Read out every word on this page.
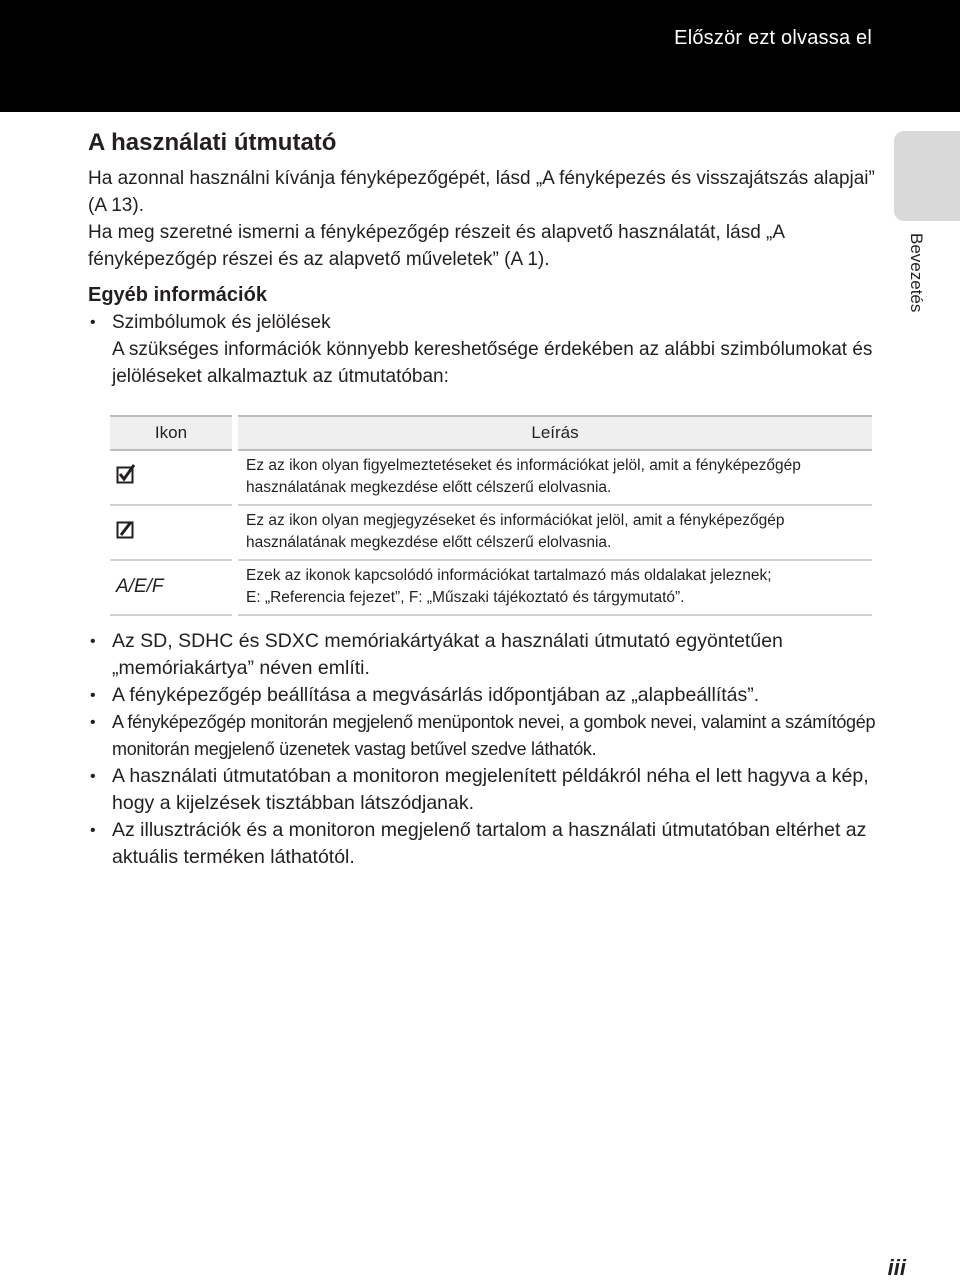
Először ezt olvassa el
Bevezetés
A használati útmutató

Ha azonnal használni kívánja fényképezőgépét, lásd „A fényképezés és visszajátszás alapjai” (A 13).

Ha meg szeretné ismerni a fényképezőgép részeit és alapvető használatát, lásd „A fényképezőgép részei és az alapvető műveletek” (A 1).

Egyéb információk
• Szimbólumok és jelölések
A szükséges információk könnyebb kereshetősége érdekében az alábbi szimbólumokat és jelöléseket alkalmaztuk az útmutatóban:
Ikon	Leírás
	Ez az ikon olyan figyelmeztetéseket és információkat jelöl, amit a fényképezőgép használatának megkezdése előtt célszerű elolvasnia.
	Ez az ikon olyan megjegyzéseket és információkat jelöl, amit a fényképezőgép használatának megkezdése előtt célszerű elolvasnia.
A/E/F	Ezek az ikonok kapcsolódó információkat tartalmazó más oldalakat jeleznek;
E: „Referencia fejezet”, F: „Műszaki tájékoztató és tárgymutató”.
• Az SD, SDHC és SDXC memóriakártyákat a használati útmutató egyöntetűen „memóriakártya” néven említi.
• A fényképezőgép beállítása a megvásárlás időpontjában az „alapbeállítás”.
• A fényképezőgép monitorán megjelenő menüpontok nevei, a gombok nevei, valamint a számítógép monitorán megjelenő üzenetek vastag betűvel szedve láthatók.
• A használati útmutatóban a monitoron megjelenített példákról néha el lett hagyva a kép, hogy a kijelzések tisztábban látszódjanak.
• Az illusztrációk és a monitoron megjelenő tartalom a használati útmutatóban eltérhet az aktuális terméken láthatótól.
iii
